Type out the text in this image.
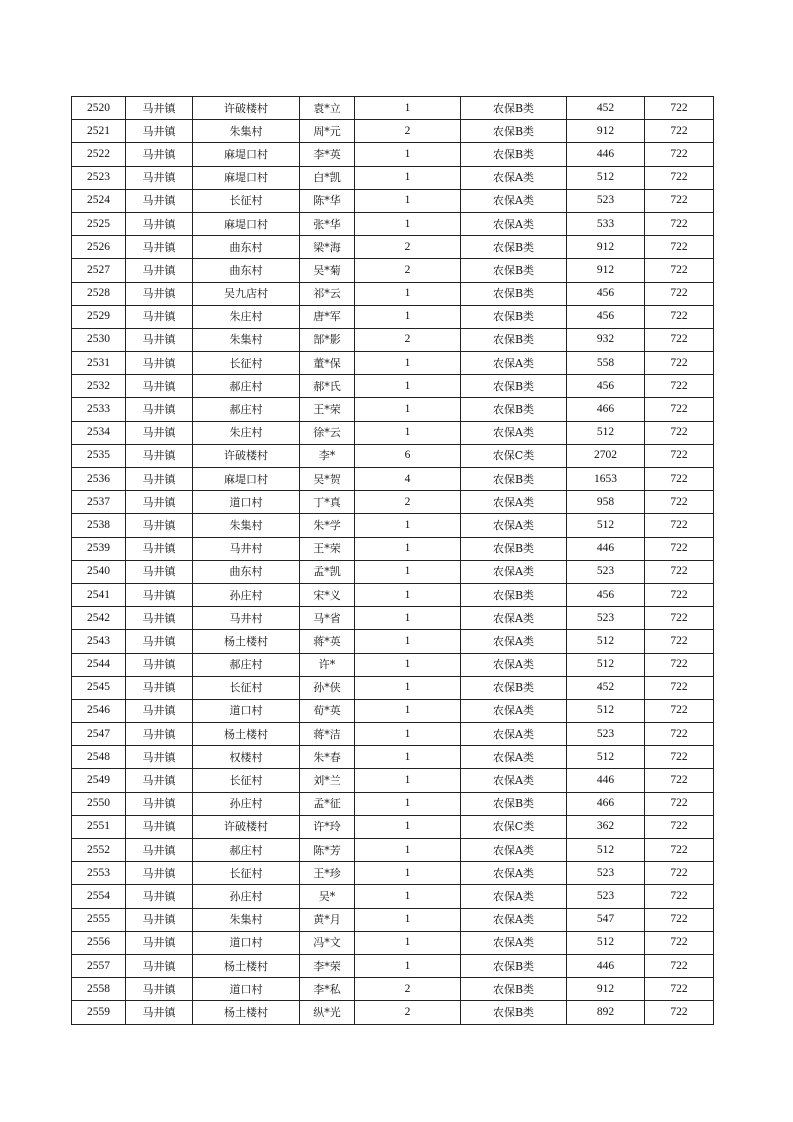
2520	马井镇	许破楼村	袁*立	1	农保B类	452	722
2521	马井镇	朱集村	周*元	2	农保B类	912	722
2522	马井镇	麻堤口村	李*英	1	农保B类	446	722
2523	马井镇	麻堤口村	白*凯	1	农保A类	512	722
2524	马井镇	长征村	陈*华	1	农保A类	523	722
2525	马井镇	麻堤口村	张*华	1	农保A类	533	722
2526	马井镇	曲东村	梁*海	2	农保B类	912	722
2527	马井镇	曲东村	吴*菊	2	农保B类	912	722
2528	马井镇	吴九店村	祁*云	1	农保B类	456	722
2529	马井镇	朱庄村	唐*军	1	农保B类	456	722
2530	马井镇	朱集村	郜*影	2	农保B类	932	722
2531	马井镇	长征村	董*保	1	农保A类	558	722
2532	马井镇	郝庄村	郝*氏	1	农保B类	456	722
2533	马井镇	郝庄村	王*荣	1	农保B类	466	722
2534	马井镇	朱庄村	徐*云	1	农保A类	512	722
2535	马井镇	许破楼村	李*	6	农保C类	2702	722
2536	马井镇	麻堤口村	吴*贺	4	农保B类	1653	722
2537	马井镇	道口村	丁*真	2	农保A类	958	722
2538	马井镇	朱集村	朱*学	1	农保A类	512	722
2539	马井镇	马井村	王*荣	1	农保B类	446	722
2540	马井镇	曲东村	孟*凯	1	农保A类	523	722
2541	马井镇	孙庄村	宋*义	1	农保B类	456	722
2542	马井镇	马井村	马*省	1	农保A类	523	722
2543	马井镇	杨土楼村	蒋*英	1	农保A类	512	722
2544	马井镇	郝庄村	许*	1	农保A类	512	722
2545	马井镇	长征村	孙*侠	1	农保B类	452	722
2546	马井镇	道口村	荀*英	1	农保A类	512	722
2547	马井镇	杨土楼村	蒋*洁	1	农保A类	523	722
2548	马井镇	权楼村	朱*春	1	农保A类	512	722
2549	马井镇	长征村	刘*兰	1	农保A类	446	722
2550	马井镇	孙庄村	孟*征	1	农保B类	466	722
2551	马井镇	许破楼村	许*玲	1	农保C类	362	722
2552	马井镇	郝庄村	陈*芳	1	农保A类	512	722
2553	马井镇	长征村	王*珍	1	农保A类	523	722
2554	马井镇	孙庄村	吴*	1	农保A类	523	722
2555	马井镇	朱集村	黄*月	1	农保A类	547	722
2556	马井镇	道口村	冯*文	1	农保A类	512	722
2557	马井镇	杨土楼村	李*荣	1	农保B类	446	722
2558	马井镇	道口村	李*私	2	农保B类	912	722
2559	马井镇	杨土楼村	纵*光	2	农保B类	892	722
